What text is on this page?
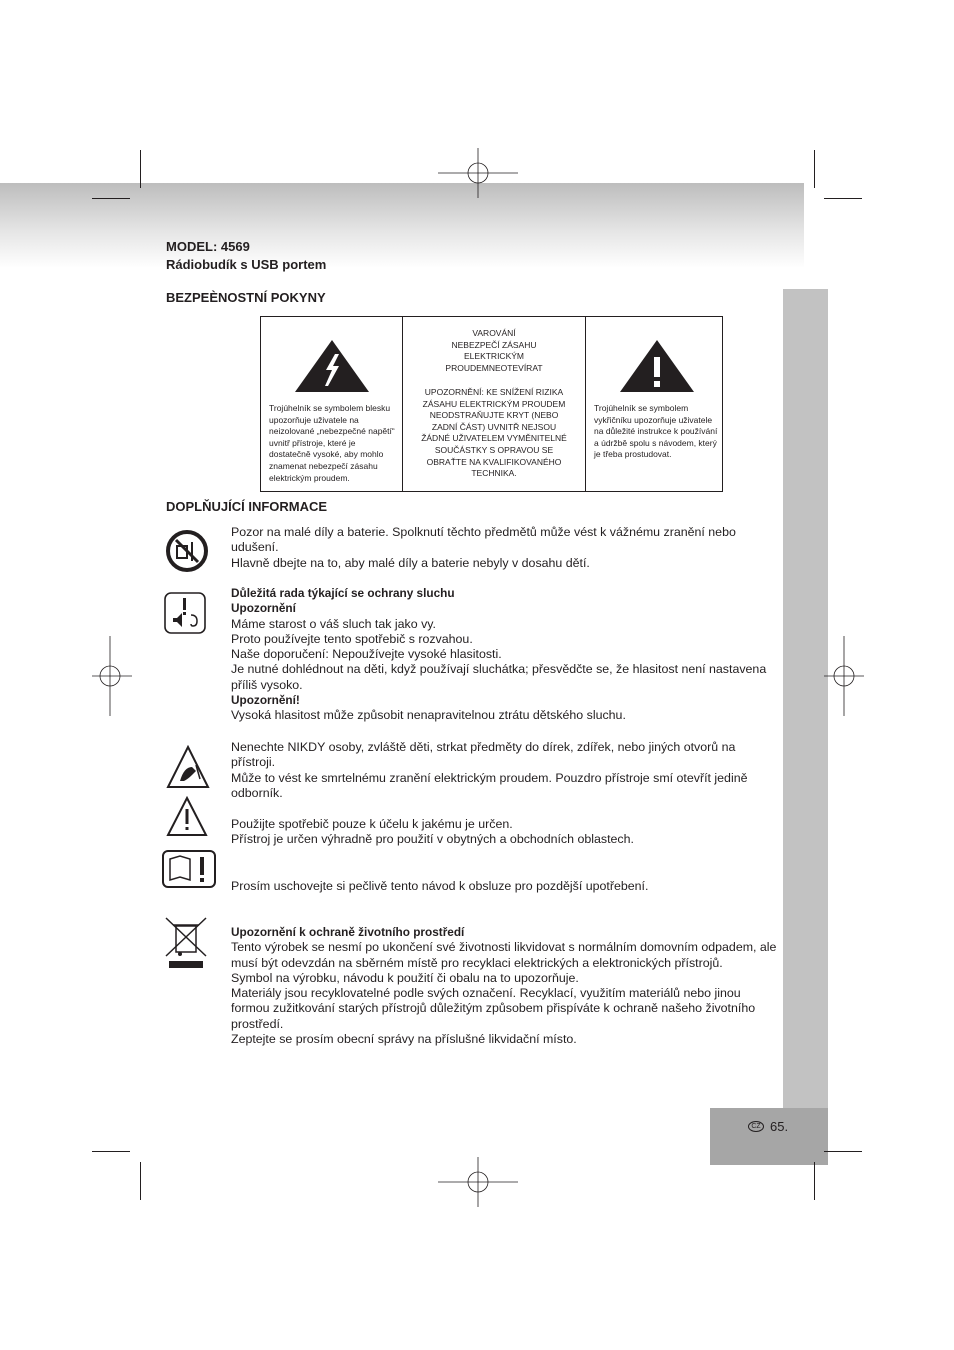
MODEL: 4569
Rádiobudík s USB portem
BEZPEÈNOSTNÍ POKYNY
Trojúhelník se symbolem blesku upozorňuje uživatele na neizolované „nebezpečné napětí“ uvnitř přístroje, které je dostatečně vysoké, aby mohlo znamenat nebezpečí zásahu elektrickým proudem.
VAROVÁNÍ
NEBEZPEČÍ ZÁSAHU
ELEKTRICKÝM
PROUDEMNEOTEVÍRAT
UPOZORNĚNÍ: KE SNÍŽENÍ RIZIKA
ZÁSAHU ELEKTRICKÝM PROUDEM
NEODSTRAŇUJTE KRYT (NEBO
ZADNÍ ČÁST) UVNITŘ NEJSOU
ŽÁDNÉ UŽIVATELEM VYMĚNITELNÉ
SOUČÁSTKY S OPRAVOU SE
OBRAŤTE NA KVALIFIKOVANÉHO
TECHNIKA.
Trojúhelník se symbolem vykřičníku upozorňuje uživatele na důležité instrukce k používání a údržbě spolu s návodem, který je třeba prostudovat.
DOPLŇUJÍCÍ INFORMACE

Pozor na malé díly a baterie. Spolknutí těchto předmětů může vést k vážnému zranění nebo udušení.

Hlavně dbejte na to, aby malé díly a baterie nebyly v dosahu dětí.

Důležitá rada týkající se ochrany sluchu

Upozornění

Máme starost o váš sluch tak jako vy.

Proto používejte tento spotřebič s rozvahou.

Naše doporučení: Nepoužívejte vysoké hlasitosti.

Je nutné dohlédnout na děti, když používají sluchátka; přesvědčte se, že hlasitost není nastavena příliš vysoko.

Upozornění!

Vysoká hlasitost může způsobit nenapravitelnou ztrátu dětského sluchu.

Nenechte NIKDY osoby, zvláště děti, strkat předměty do dírek, zdířek, nebo jiných otvorů na přístroji.

Může to vést ke smrtelnému zranění elektrickým proudem. Pouzdro přístroje smí otevřít jedině odborník.

Použijte spotřebič pouze k účelu k jakému je určen.

Přístroj je určen výhradně pro použití v obytných a obchodních oblastech.

Prosím uschovejte si pečlivě tento návod k obsluze pro pozdější upotřebení.

Upozornění k ochraně životního prostředí

Tento výrobek se nesmí po ukončení své životnosti likvidovat s normálním domovním odpadem, ale musí být odevzdán na sběrném místě pro recyklaci elektrických a elektronických přístrojů.

Symbol na výrobku, návodu k použití či obalu na to upozorňuje.

Materiály jsou recyklovatelné podle svých označení. Recyklací, využitím materiálů nebo jinou formou zužitkování starých přístrojů důležitým způsobem přispíváte k ochraně našeho životního prostředí.

Zeptejte se prosím obecní správy na příslušné likvidační místo.

CZ 65.
